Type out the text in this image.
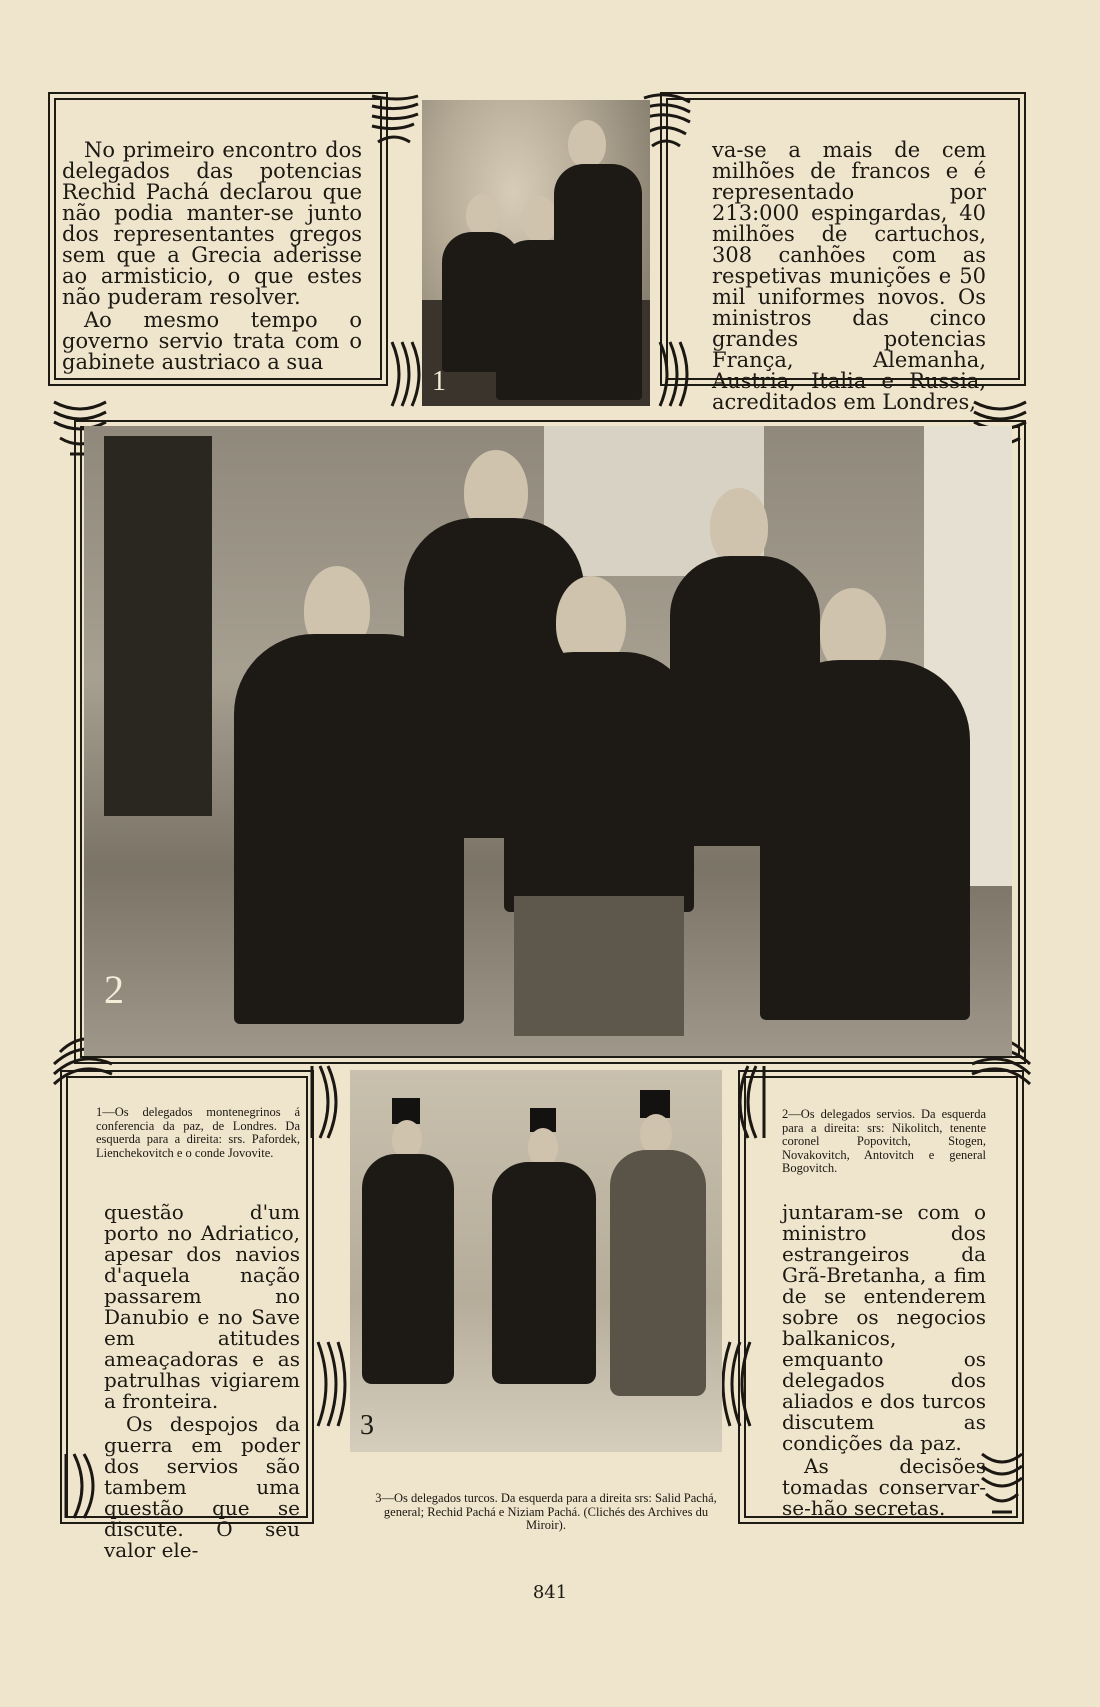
1
2
3

No primeiro encontro dos delegados das potencias Rechid Pachá declarou que não podia manter-se junto dos representantes gregos sem que a Grecia aderisse ao armisticio, o que estes não puderam resolver.

Ao mesmo tempo o governo servio trata com o gabinete austriaco a sua

va-se a mais de cem milhões de francos e é representado por 213:000 espingardas, 40 milhões de cartuchos, 308 canhões com as respetivas munições e 50 mil uniformes novos. Os ministros das cinco grandes potencias França, Alemanha, Austria, Italia e Russia, acreditados em Londres,

questão d'um porto no Adriatico, apesar dos navios d'aquela nação passarem no Danubio e no Save em atitudes ameaçadoras e as patrulhas vigiarem a fronteira.

Os despojos da guerra em poder dos servios são tambem uma questão que se discute. O seu valor ele-

juntaram-se com o ministro dos estrangeiros da Grã-Bretanha, a fim de se entenderem sobre os negocios balkanicos, emquanto os delegados dos aliados e dos turcos discutem as condições da paz.

As decisões tomadas conservar-se-hão secretas.

1—Os delegados montenegrinos á conferencia da paz, de Londres. Da esquerda para a direita: srs. Pafordek, Lienchekovitch e o conde Jovovite.
2—Os delegados servios. Da esquerda para a direita: srs: Nikolitch, tenente coronel Popovitch, Stogen, Novakovitch, Antovitch e general Bogovitch.
3—Os delegados turcos. Da esquerda para a direita srs: Salid Pachá, general; Rechid Pachá e Niziam Pachá. (Clichés des Archives du Miroir).
841
